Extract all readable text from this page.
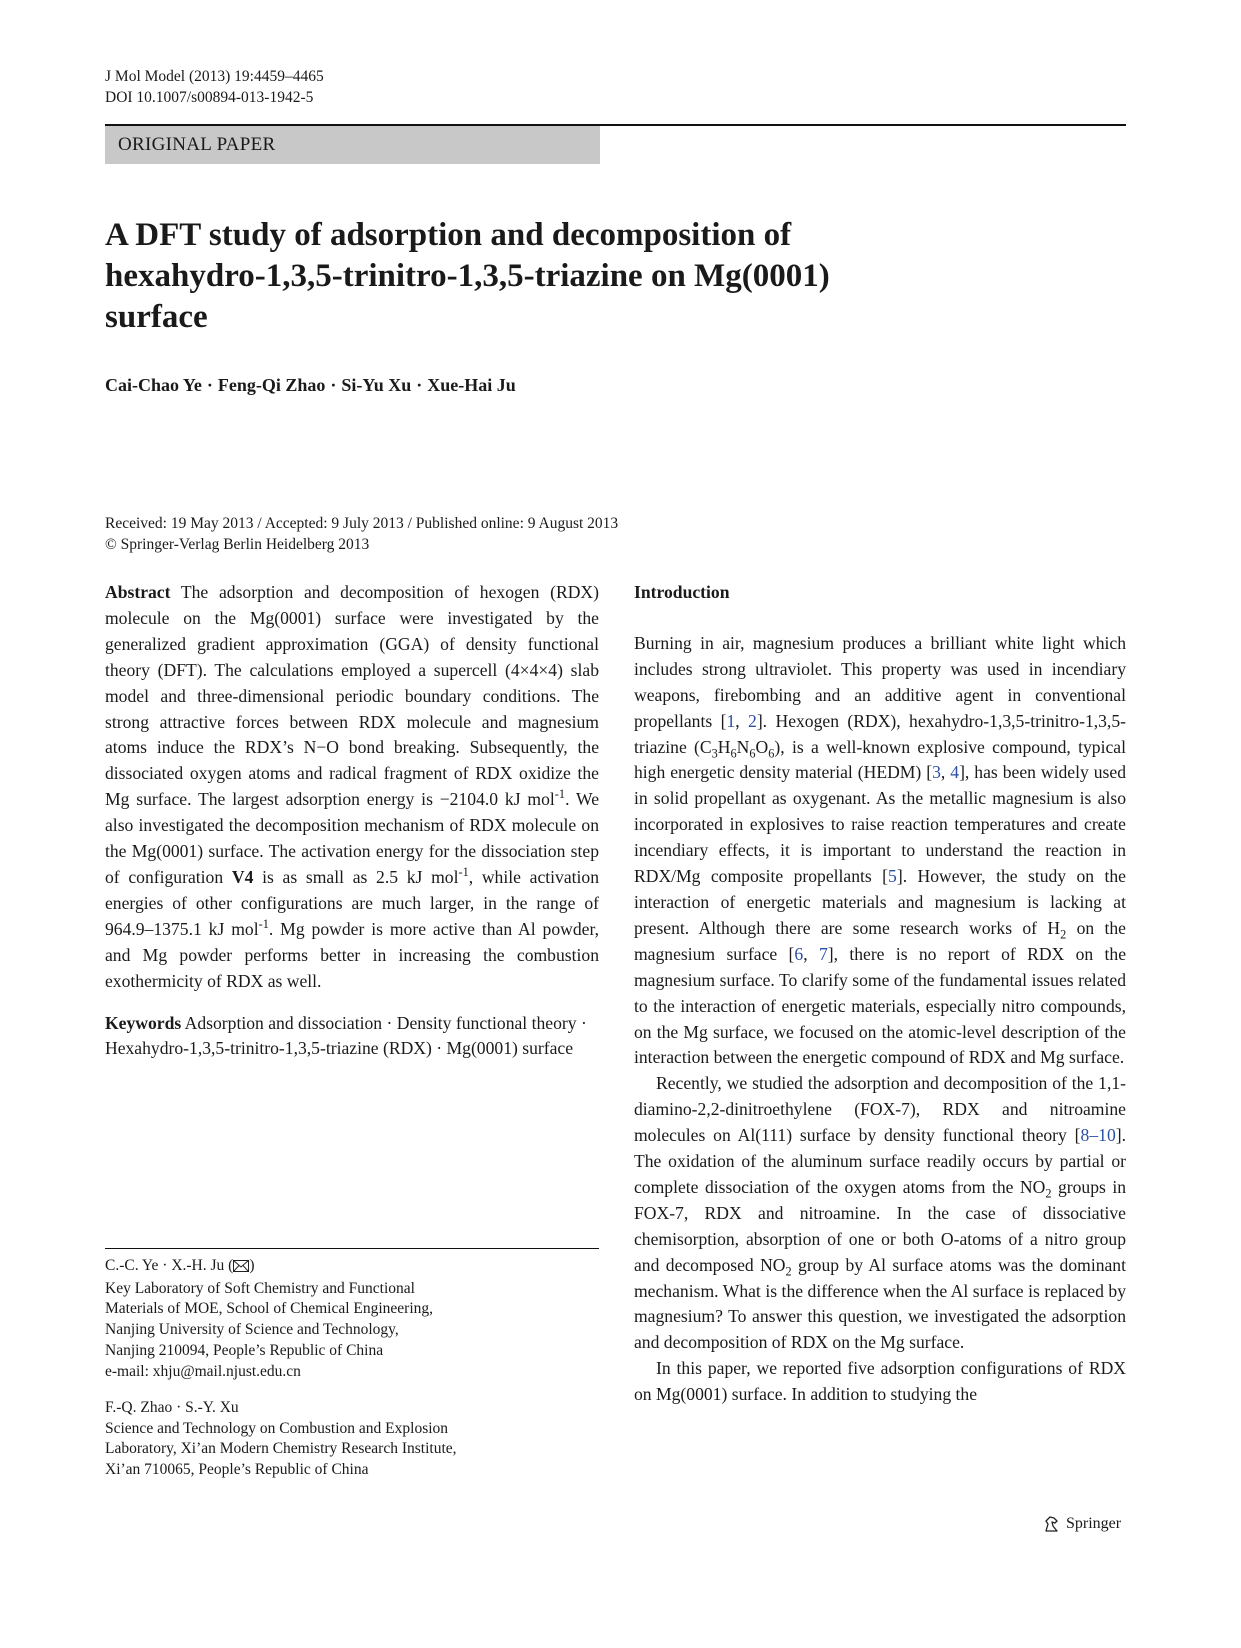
J Mol Model (2013) 19:4459–4465
DOI 10.1007/s00894-013-1942-5
ORIGINAL PAPER
A DFT study of adsorption and decomposition of hexahydro-1,3,5-trinitro-1,3,5-triazine on Mg(0001) surface
Cai-Chao Ye · Feng-Qi Zhao · Si-Yu Xu · Xue-Hai Ju
Received: 19 May 2013 / Accepted: 9 July 2013 / Published online: 9 August 2013
© Springer-Verlag Berlin Heidelberg 2013

Abstract The adsorption and decomposition of hexogen (RDX) molecule on the Mg(0001) surface were investigated by the generalized gradient approximation (GGA) of density functional theory (DFT). The calculations employed a supercell (4×4×4) slab model and three-dimensional periodic boundary conditions. The strong attractive forces between RDX molecule and magnesium atoms induce the RDX’s N−O bond breaking. Subsequently, the dissociated oxygen atoms and radical fragment of RDX oxidize the Mg surface. The largest adsorption energy is −2104.0 kJ mol$^{-1}$. We also investigated the decomposition mechanism of RDX molecule on the Mg(0001) surface. The activation energy for the dissociation step of configuration V4 is as small as 2.5 kJ mol$^{-1}$, while activation energies of other configurations are much larger, in the range of 964.9–1375.1 kJ mol$^{-1}$. Mg powder is more active than Al powder, and Mg powder performs better in increasing the combustion exothermicity of RDX as well.

Keywords Adsorption and dissociation · Density functional theory · Hexahydro-1,3,5-trinitro-1,3,5-triazine (RDX) · Mg(0001) surface

C.-C. Ye · X.-H. Ju ( )

Key Laboratory of Soft Chemistry and Functional

Materials of MOE, School of Chemical Engineering,

Nanjing University of Science and Technology,

Nanjing 210094, People’s Republic of China

e-mail: xhju@mail.njust.edu.cn

F.-Q. Zhao · S.-Y. Xu

Science and Technology on Combustion and Explosion

Laboratory, Xi’an Modern Chemistry Research Institute,

Xi’an 710065, People’s Republic of China

Introduction

Burning in air, magnesium produces a brilliant white light which includes strong ultraviolet. This property was used in incendiary weapons, firebombing and an additive agent in conventional propellants [1, 2]. Hexogen (RDX), hexahydro-1,3,5-trinitro-1,3,5-triazine $(C_3H_6N_6O_6)$, is a well-known explosive compound, typical high energetic density material (HEDM) [3, 4], has been widely used in solid propellant as oxygenant. As the metallic magnesium is also incorporated in explosives to raise reaction temperatures and create incendiary effects, it is important to understand the reaction in RDX/Mg composite propellants [5]. However, the study on the interaction of energetic materials and magnesium is lacking at present. Although there are some research works of $H_2$ on the magnesium surface [6, 7], there is no report of RDX on the magnesium surface. To clarify some of the fundamental issues related to the interaction of energetic materials, especially nitro compounds, on the Mg surface, we focused on the atomic-level description of the interaction between the energetic compound of RDX and Mg surface.

Recently, we studied the adsorption and decomposition of the 1,1-diamino-2,2-dinitroethylene (FOX-7), RDX and nitroamine molecules on Al(111) surface by density functional theory [8–10]. The oxidation of the aluminum surface readily occurs by partial or complete dissociation of the oxygen atoms from the $NO_2$ groups in FOX-7, RDX and nitroamine. In the case of dissociative chemisorption, absorption of one or both O-atoms of a nitro group and decomposed $NO_2$ group by Al surface atoms was the dominant mechanism. What is the difference when the Al surface is replaced by magnesium? To answer this question, we investigated the adsorption and decomposition of RDX on the Mg surface.

In this paper, we reported five adsorption configurations of RDX on Mg(0001) surface. In addition to studying the

Springer
